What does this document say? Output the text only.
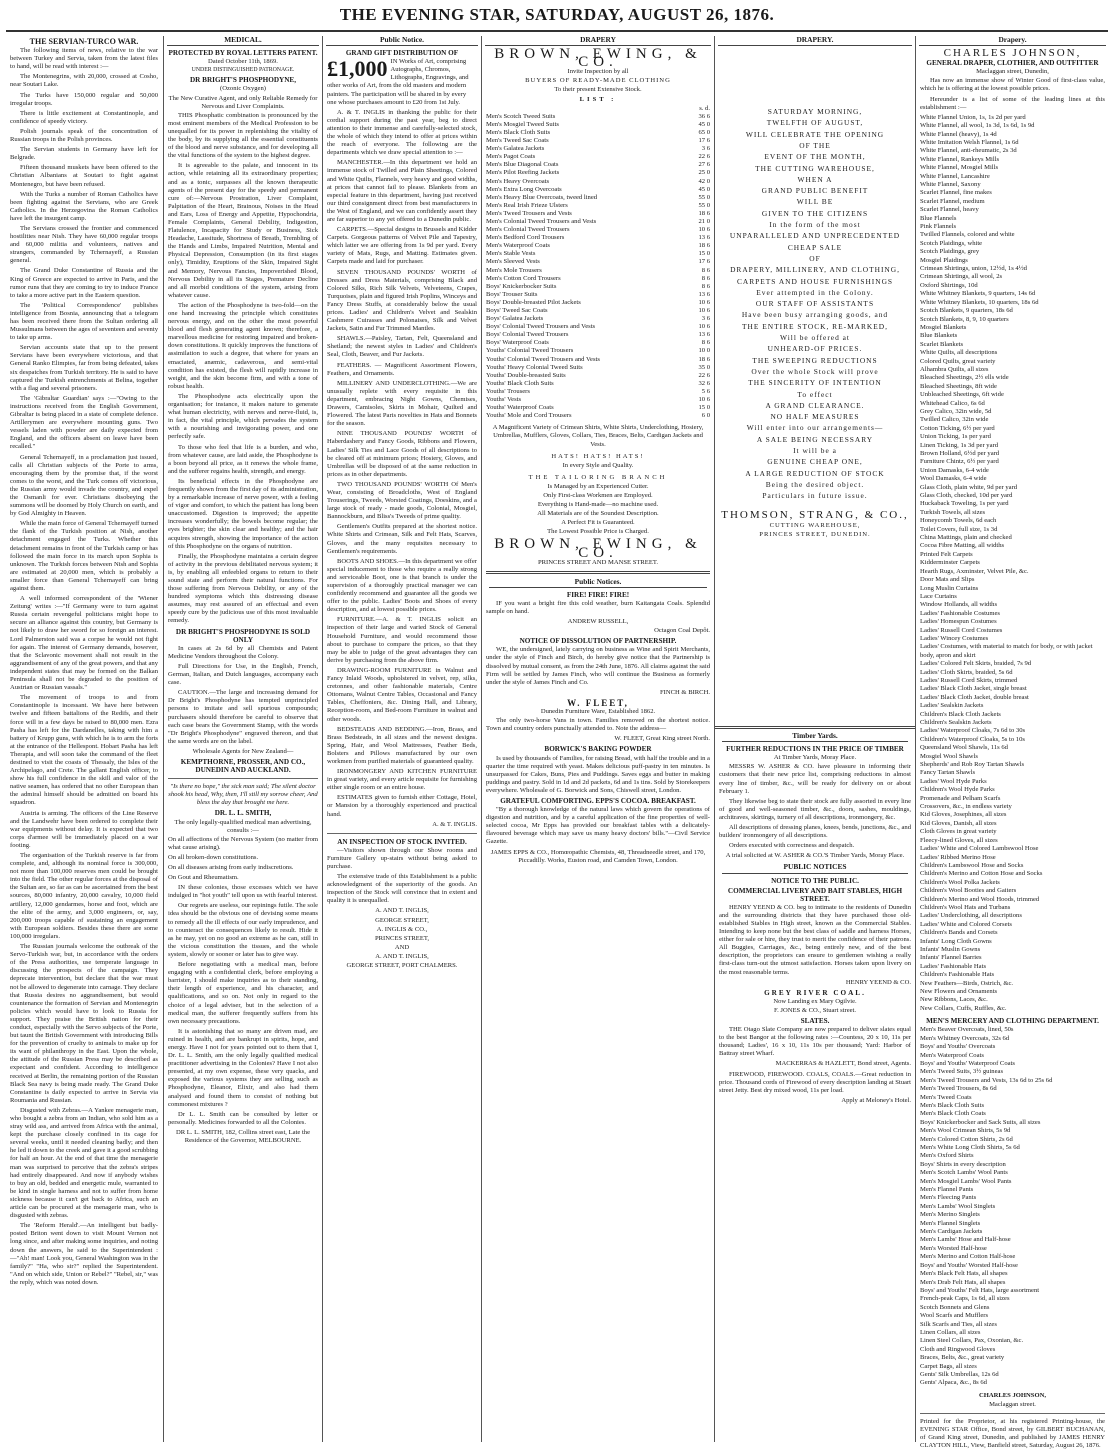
THE EVENING STAR, SATURDAY, AUGUST 26, 1876.
THE SERVIAN-TURCO WAR.
The following items of news, relative to the war between Turkey and Servia, taken from the latest files to hand, will be read with interest :—
The Montenegrins, with 20,000, crossed at Cosho, near Soutari Lake.
The Turks have 150,000 regular and 50,000 irregular troops.
There is little excitement at Constantinople, and confidence of speedy victory.
Polish journals speak of the concentration of Russian troops in the Polish provinces.
The Servian students in Germany have left for Belgrade.
Fifteen thousand muskets have been offered to the Christian Albanians at Soutari to fight against Montenegro, but have been refused.
With the Turks a number of Roman Catholics have been fighting against the Servians, who are Greek Catholics. In the Herzegovina the Roman Catholics have left the insurgent camp.
The Servians crossed the frontier and commenced hostilities near Nish. They have 60,000 regular troops and 60,000 militia and volunteers, natives and strangers, commanded by Tchernayeff, a Russian general.
The Grand Duke Constantine of Russia and the King of Greece are expected to arrive in Paris, and the rumor runs that they are coming to try to induce France to take a more active part in the Eastern question.
The 'Political Correspondence' publishes intelligence from Bosnia, announcing that a telegram has been received there from the Sultan ordering all Mussulmans between the ages of seventeen and seventy to take up arms.
Servian accounts state that up to the present Servians have been everywhere victorious, and that General Ranko Elimpies, far from being defeated, takes six despatches from Turkish territory. He is said to have captured the Turkish entrenchments at Belina, together with a flag and several prisoners.
The 'Gibraltar Guardian' says :—"Owing to the instructions received from the English Government, Gibraltar is being placed in a state of complete defence. Artillerymen are everywhere mounting guns. Two vessels laden with powder are daily expected from England, and the officers absent on leave have been recalled."
General Tchernayeff, in a proclamation just issued, calls all Christian subjects of the Porte to arms, encouraging them by the promise that, if the worst comes to the worst, and the Turk comes off victorious, the Russian army would invade the country, and expel the Osmanli for ever. Christians disobeying the summons will be doomed by Holy Church on earth, and by God Almighty in Heaven.
While the main force of General Tchernayeff turned the flank of the Turkish position at Nish, another detachment engaged the Turks. Whether this detachment remains in front of the Turkish camp or has followed the main force in its march upon Sophia is unknown. The Turkish forces between Nish and Sophia are estimated at 20,000 men, which is probably a smaller force than General Tchernayeff can bring against them.
A well informed correspondent of the 'Wiener Zeitung' writes :—"If Germany were to turn against Russia certain revengeful politicians might hope to secure an alliance against this country, but Germany is not likely to draw her sword for so foreign an interest. Lord Palmerston said was a corpse he would not fight for again. The interest of Germany demands, however, that the Sclavonic movement shall not result in the aggrandisement of any of the great powers, and that any independent states that may be formed on the Balkan Peninsula shall not be degraded to the position of Austrian or Russian vassals."
The movement of troops to and from Constantinople is incessant. We have here between twelve and fifteen battalions of the Redifs, and their force will in a few days be raised to 80,000 men. Ezra Pasha has left for the Dardanelles, taking with him a battery of Krupp guns, with which he is to arm the forts at the entrance of the Hellespont. Hobart Pasha has left Therapia, and will soon take the command of the fleet destined to visit the coasts of Thessaly, the Isles of the Archipelago, and Crete. The gallant English officer, to show his full confidence in the skill and valor of the native seamen, has ordered that no other European than the admiral himself should be admitted on board his squadron.
Austria is arming. The officers of the Line Reserve and the Landwehr have been ordered to complete their war equipments without delay. It is expected that two corps d'armee will be immediately placed on a war footing.
The organisation of the Turkish reserve is far from complete, and, although its nominal force is 300,000, not more than 100,000 reserves men could be brought into the field. The other regular forces at the disposal of the Sultan are, so far as can be ascertained from the best sources, 80,000 infantry, 20,000 cavalry, 10,000 field artillery, 12,000 gendarmes, horse and foot, which are the elite of the army, and 3,000 engineers, or, say, 200,000 troops capable of sustaining an engagement with European soldiers. Besides these there are some 100,000 irregulars.
The Russian journals welcome the outbreak of the Servo-Turkish war, but, in accordance with the orders of the Press authorities, use temperate language in discussing the prospects of the campaign. They deprecate intervention, but declare that the war must not be allowed to degenerate into carnage. They declare that Russia desires no aggrandisement, but would countenance the formation of Servian and Montenegrin policies which would have to look to Russia for support. They praise the British nation for their conduct, especially with the Servo subjects of the Porte, but taunt the British Government with introducing Bills for the prevention of cruelty to animals to make up for its want of philanthropy in the East. Upon the whole, the attitude of the Russian Press may be described as expectant and confident. According to intelligence received at Berlin, the remaining portion of the Russian Black Sea navy is being made ready. The Grand Duke Constantine is daily expected to arrive in Servia via Roumania and Russian.
Disgusted with Zebras.—A Yankee menagerie man, who bought a zebra from an Indian, who sold him as a stray wild ass, and arrived from Africa with the animal, kept the purchase closely confined in its cage for several weeks, until it needed cleaning badly; and then he led it down to the creek and gave it a good scrubbing for half an hour. At the end of that time the menagerie man was surprised to perceive that the zebra's stripes had entirely disappeared. And now if anybody wishes to buy an old, bedded and energetic mule, warranted to be kind in single harness and not to suffer from home sickness because it can't get back to Africa, such an article can be procured at the menagerie man, who is disgusted with zebras.
The 'Reform Herald'.—An intelligent but badly-posted Briton went down to visit Mount Vernon not long since, and after making some inquiries, and noting down the answers, he said to the Superintendent :—"Ah! man! Look you, General Washington was in the family?" "Ha, who sir?" replied the Superintendent. "And on which side, Union or Rebel?" "Rebel, sir," was the reply, which was noted down.
MEDICAL.
PROTECTED BY ROYAL LETTERS PATENT.
Dated October 11th, 1869.
UNDER DISTINGUISHED PATRONAGE.
DR BRIGHT'S PHOSPHODYNE,
(Ozonic Oxygen)
The New Curative Agent, and only Reliable Remedy for Nervous and Liver Complaints.
THIS Phosphatic combination is pronounced by the most eminent members of the Medical Profession to be unequalled for its power in replenishing the vitality of the body, by its supplying all the essential constituents of the blood and nerve substance, and for developing all the vital functions of the system to the highest degree.
It is agreeable to the palate, and innocent in its action, while retaining all its extraordinary properties; and as a tonic, surpasses all the known therapeutic agents of the present day for the speedy and permanent cure of:—Nervous Prostration, Liver Complaint, Palpitation of the Heart, Brainous, Noises in the Head and Ears, Loss of Energy and Appetite, Hypochondria, Female Complaints, General Debility, Indigestion, Flatulence, Incapacity for Study or Business, Sick Headache, Lassitude, Shortness of Breath, Trembling of the Hands and Limbs, Impaired Nutrition, Mental and Physical Depression, Consumption (in its first stages only), Timidity, Eruptions of the Skin, Impaired Sight and Memory, Nervous Fancies, Impoverished Blood, Nervous Debility in all its Stages, Premature Decline and all morbid conditions of the system, arising from whatever cause.
The action of the Phosphodyne is two-fold—on the one hand increasing the principle which constitutes nervous energy, and on the other the most powerful blood and flesh generating agent known; therefore, a marvellous medicine for restoring impaired and broken-down constitutions. It quickly improves the functions of assimilation to such a degree, that where for years an emaciated, anæmic, cadaverous, and semi-vital condition has existed, the flesh will rapidly increase in weight, and the skin become firm, and with a tone of robust health.
The Phosphodyne acts electrically upon the organisation; for instance, it makes nature to generate what human electricity, with nerves and nerve-fluid, is, in fact, the vital principle, which pervades the system with a nourishing and invigorating power, and one perfectly safe.
To those who feel that life is a burden, and who, from whatever cause, are laid aside, the Phosphodyne is a boon beyond all price, as it renews the whole frame, and the sufferer regains health, strength, and energy.
Its beneficial effects in the Phosphodyne are frequently shown from the first day of its administration, by a remarkable increase of nerve power, with a feeling of vigor and comfort, to which the patient has long been unaccustomed. Digestion is improved; the appetite increases wonderfully; the bowels become regular; the eyes brighter; the skin clear and healthy; and the hair acquires strength, showing the importance of the action of this Phosphodyne on the organs of nutrition.
Finally, the Phosphodyne maintains a certain degree of activity in the previous debilitated nervous system; it is, by enabling all enfeebled organs to return to their sound state and perform their natural functions. For those suffering from Nervous Debility, or any of the hundred symptoms which this distressing disease assumes, may rest assured of an effectual and even speedy cure by the judicious use of this most invaluable remedy.
DR BRIGHT'S PHOSPHODYNE IS SOLD ONLY
In cases at 2s 6d by all Chemists and Patent Medicine Vendors throughout the Colony.
Full Directions for Use, in the English, French, German, Italian, and Dutch languages, accompany each case.
CAUTION.—The large and increasing demand for Dr Bright's Phosphodyne has tempted unprincipled persons to imitate and sell spurious compounds; purchasers should therefore be careful to observe that each case bears the Government Stamp, with the words "Dr Bright's Phosphodyne" engraved thereon, and that the same words are on the label.
Wholesale Agents for New Zealand—
KEMPTHORNE, PROSSER, AND CO., DUNEDIN AND AUCKLAND.
"Is there no hope," the sick man said; The silent doctor shook his head, Why, then, I'll still my sorrow cheer, And bless the day that brought me here.
DR. L. L. SMITH,
The only legally-qualified medical man advertising, consults :—
On all affections of the Nervous System (no matter from what cause arising).
On all broken-down constitutions.
On all diseases arising from early indiscretions.
On Gout and Rheumatism.
IN these colonies, those excesses which we have indulged in "hot youth" tell upon us with fearful interest.
Our regrets are useless, our repinings futile. The sole idea should be the obvious one of devising some means to remedy all the ill effects of our early imprudence, and to counteract the consequences likely to result. Hide it as he may, yet on no good an extreme as he can, still in the vicious constitution the tissues, and the whole system, slowly or sooner or later has to give way.
Before negotiating with a medical man, before engaging with a confidential clerk, before employing a barrister, I should make inquiries as to their standing, their length of experience, and his character, and qualifications, and so on. Not only in regard to the choice of a legal adviser, but in the selection of a medical man, the sufferer frequently suffers from his own necessary precautions.
It is astonishing that so many are driven mad, are ruined in health, and are bankrupt in spirits, hope, and energy. Have I not for years pointed out to them that I, Dr. L. L. Smith, am the only legally qualified medical practitioner advertising in the Colonies? Have I not also presented, at my own expense, these very quacks, and exposed the various systems they are selling, such as Phosphodyne, Eleanor, Elixir, and also had them analysed and found them to consist of nothing but commonest mixtures ?
Dr L. L. Smith can be consulted by letter or personally. Medicines forwarded to all the Colonies.
DR L. L. SMITH, 182, Collins street east, Late the Residence of the Governor, MELBOURNE.
Public Notice.
GRAND GIFT DISTRIBUTION OF
£1,000 IN Works of Art, comprising Autographs, Chromos, Lithographs, Engravings, and other works of Art, from the old masters and modern painters. The participation will be shared in by every one whose purchases amount to £20 from 1st July.
A. & T. INGLIS in thanking the public for their cordial support during the past year, beg to direct attention to their immense and carefully-selected stock, the whole of which they intend to offer at prices within the reach of everyone. The following are the departments which we draw special attention to :—
MANCHESTER.—In this department we hold an immense stock of Twilled and Plain Sheetings, Colored and White Quilts, Flannels, very heavy and good widths, at prices that cannot fail to please. Blankets from an especial feature in this department, having just received our third consignment direct from best manufacturers in the West of England, and we can confidently assert they are far superior to any yet offered to a Dunedin public.
CARPETS.—Special designs in Brussels and Kidder Carpets. Gorgeous patterns of Velvet Pile and Tapestry, which latter we are offering from 1s 9d per yard. Every variety of Mats, Rugs, and Matting. Estimates given. Carpets made and laid for purchaser.
SEVEN THOUSAND POUNDS' WORTH of Dresses and Dress Materials, comprising Black and Colored Silks, Rich Silk Velvets, Velveteens, Crapes, Turquoises, plain and figured Irish Poplins, Winceys and Fancy Dress Stuffs, at considerably below the usual prices. Ladies' and Children's Velvet and Sealskin Cashmere Cuirasses and Polonaises, Silk and Velvet Jackets, Satin and Fur Trimmed Mantles.
SHAWLS.—Paisley, Tartan, Felt, Queensland and Shetland; the newest styles in Ladies' and Children's Seal, Cloth, Beaver, and Fur Jackets.
FEATHERS. — Magnificent Assortment Flowers, Feathers, and Ornaments.
MILLINERY AND UNDERCLOTHING.—We are unusually replete with every requisite in this department, embracing Night Gowns, Chemises, Drawers, Camisoles, Skirts in Mohair, Quilted and Flowered. The latest Paris novelties in Hats and Bonnets for the season.
NINE THOUSAND POUNDS' WORTH of Haberdashery and Fancy Goods, Ribbons and Flowers, Ladies' Silk Ties and Lace Goods of all descriptions to be cleared off at minimum prices; Hosiery, Gloves, and Umbrellas will be disposed of at the same reduction in prices as in other departments.
TWO THOUSAND POUNDS' WORTH Of Men's Wear, consisting of Broadcloths, West of England Trouserings, Tweeds, Worsted Coatings, Doeskins, and a large stock of ready - made goods, Colonial, Mosgiel, Bannockburn, and Bliss's Tweeds of prime quality.
Gentlemen's Outfits prepared at the shortest notice. White Shirts and Crimean, Silk and Felt Hats, Scarves, Gloves, and the many requisites necessary to Gentlemen's requirements.
BOOTS AND SHOES.—In this department we offer special inducement to those who require a really strong and serviceable Boot, one is that branch is under the supervision of a thoroughly practical manager we can confidently recommend and guarantee all the goods we offer to the public. Ladies' Boots and Shoes of every description, and at lowest possible prices.
FURNITURE.—A. & T. INGLIS solicit an inspection of their large and varied Stock of General Household Furniture, and would recommend those about to purchase to compare the prices, so that they may be able to judge of the great advantages they can derive by purchasing from the above firm.
DRAWING-ROOM FURNITURE in Walnut and Fancy Inlaid Woods, upholstered in velvet, rep, silks, cretonnes, and other fashionable materials, Centre Ottomans, Walnut Centre Tables, Occasional and Fancy Tables, Cheffoniers, &c. Dining Hall, and Library, Reception-room, and Bed-room Furniture in walnut and other woods.
BEDSTEADS AND BEDDING.—Iron, Brass, and Brass Bedsteads, in all sizes and the newest designs. Spring, Hair, and Wool Mattresses, Feather Beds, Bolsters and Pillows manufactured by our own workmen from purified materials of guaranteed quality.
IRONMONGERY AND KITCHEN FURNITURE in great variety, and every article requisite for furnishing either single room or an entire house.
ESTIMATES given to furnish either Cottage, Hotel, or Mansion by a thoroughly experienced and practical hand.
A. & T. INGLIS.
AN INSPECTION OF STOCK INVITED.
—Visitors shown through our Show rooms and Furniture Gallery up-stairs without being asked to purchase.
The extensive trade of this Establishment is a public acknowledgment of the superiority of the goods. An inspection of the Stock will convince that in extent and quality it is unequalled.
A. AND T. INGLIS,
GEORGE STREET,
A. INGLIS & CO.,
PRINCES STREET,
AND
A. AND T. INGLIS,
GEORGE STREET, PORT CHALMERS.
DRAPERY
BROWN, EWING, & CO.
Invite Inspection by all
BUYERS OF READY-MADE CLOTHING
To their present Extensive Stock.
LIST :
s. d.
Men's Scotch Tweed Suits	36 6
Men's Mosgiel Tweed Suits	45 0
Men's Black Cloth Suits	65 0
Men's Tweed Sac Coats	17 6
Men's Galatea Jackets	3 6
Men's Pagot Coats	22 6
Men's Blue Diagonal Coats	27 6
Men's Pilot Reefing Jackets	25 0
Men's Heavy Overcoats	42 0
Men's Extra Long Overcoats	45 0
Men's Heavy Blue Overcoats, tweed lined	55 0
Men's Real Irish Frieze Ulsters	55 0
Men's Tweed Trousers and Vests	18 6
Men's Colonial Tweed Trousers and Vests	21 0
Men's Colonial Tweed Trousers	10 6
Men's Bedford Cord Trousers	13 6
Men's Waterproof Coats	18 6
Men's Stable Vests	15 0
Men's Sleeved Vests	17 6
Men's Mole Trousers	8 6
Men's Cotton Cord Trousers	8 6
Boys' Knickerbocker Suits	8 6
Boys' Trouser Suits	13 6
Boys' Double-breasted Pilot Jackets	10 6
Boys' Tweed Sac Coats	10 6
Boys' Galatea Jackets	3 6
Boys' Colonial Tweed Trousers and Vests	10 6
Boys' Colonial Tweed Trousers	13 6
Boys' Waterproof Coats	8 6
Youths' Colonial Tweed Trousers	10 0
Youths' Colonial Tweed Trousers and Vests	18 6
Youths' Heavy Colonial Tweed Suits	35 0
Youths' Double-breasted Suits	22 6
Youths' Black Cloth Suits	32 6
Youths' Trousers	5 6
Youths' Vests	10 6
Youths' Waterproof Coats	15 0
Youths' Mole and Cord Trousers	6 0
A Magnificent Variety of Crimean Shirts, White Shirts, Underclothing, Hosiery, Umbrellas, Mufflers, Gloves, Collars, Ties, Braces, Belts, Cardigan Jackets and Vests.
HATS! HATS! HATS!
In every Style and Quality.
THE TAILORING BRANCH
Is Managed by an Experienced Cutter.
Only First-class Workmen are Employed.
Everything is Hand-made—no machine used.
All Materials are of the Soundest Description.
A Perfect Fit is Guaranteed.
The Lowest Possible Price is Charged.
BROWN, EWING, & CO.
PRINCES STREET AND MANSE STREET.
Public Notices.
FIRE! FIRE! FIRE!
IF you want a bright fire this cold weather, burn Kaitangata Coals. Splendid sample on hand.
ANDREW RUSSELL,
Octagon Coal Depôt.
NOTICE OF DISSOLUTION OF PARTNERSHIP.
WE, the undersigned, lately carrying on business as Wine and Spirit Merchants, under the style of Finch and Birch, do hereby give notice that the Partnership is dissolved by mutual consent, as from the 24th June, 1876. All claims against the said Firm will be settled by James Finch, who will continue the Business as formerly under the style of James Finch and Co.
FINCH & BIRCH.
W. FLEET,
Dunedin Furniture Ware, Established 1862.
The only two-horse Vans in town. Families removed on the shortest notice. Town and country orders punctually attended to. Note the address—
W. FLEET, Great King street North.
BORWICK'S BAKING POWDER
Is used by thousands of Families, for raising Bread, with half the trouble and in a quarter the time required with yeast. Makes delicious puff-pastry in ten minutes. Is unsurpassed for Cakes, Buns, Pies and Puddings. Saves eggs and butter in making puddings and pastry. Sold in 1d and 2d packets, 6d and 1s tins. Sold by Storekeepers everywhere. Wholesale of G. Borwick and Sons, Chiswell street, London.
GRATEFUL COMFORTING. EPPS'S COCOA. BREAKFAST.
"By a thorough knowledge of the natural laws which govern the operations of digestion and nutrition, and by a careful application of the fine properties of well-selected cocoa, Mr Epps has provided our breakfast tables with a delicately-flavoured beverage which may save us many heavy doctors' bills."—Civil Service Gazette.
JAMES EPPS & CO., Homœopathic Chemists, 48, Threadneedle street, and 170, Piccadilly. Works, Euston road, and Camden Town, London.
DRAPERY.
SATURDAY MORNING,
TWELFTH OF AUGUST,
WILL CELEBRATE THE OPENING
OF THE
EVENT OF THE MONTH,
THE CUTTING WAREHOUSE,
WHEN A
GRAND PUBLIC BENEFIT
WILL BE
GIVEN TO THE CITIZENS
In the form of the most
UNPARALLELED AND UNPRECEDENTED
CHEAP SALE
OF
DRAPERY, MILLINERY, AND CLOTHING,
CARPETS AND HOUSE FURNISHINGS
Ever attempted in the Colony.
OUR STAFF OF ASSISTANTS
Have been busy arranging goods, and
THE ENTIRE STOCK, RE-MARKED,
Will be offered at
UNHEARD-OF PRICES.
THE SWEEPING REDUCTIONS
Over the whole Stock will prove
THE SINCERITY OF INTENTION
To effect
A GRAND CLEARANCE.
NO HALF MEASURES
Will enter into our arrangements—
A SALE BEING NECESSARY
It will be a
GENUINE CHEAP ONE,
A LARGE REDUCTION OF STOCK
Being the desired object.
Particulars in future issue.
THOMSON, STRANG, & CO.,
CUTTING WAREHOUSE,
PRINCES STREET, DUNEDIN.
Timber Yards.
FURTHER REDUCTIONS IN THE PRICE OF TIMBER
At Timber Yards, Moray Place.
MESSRS W. ASHER & CO. have pleasure in informing their customers that their new price list, comprising reductions in almost every line of timber, &c., will be ready for delivery on or about February 1.
They likewise beg to state their stock are fully assorted in every line of good and well-seasoned timber, &c., doors, sashes, mouldings, architraves, skirtings, turnery of all descriptions, ironmongery, &c.
All descriptions of dressing planes, knees, bends, junctions, &c., and builders' ironmongery of all descriptions.
Orders executed with correctness and despatch.
A trial solicited at W. ASHER & CO.'S Timber Yards, Moray Place.
PUBLIC NOTICES
NOTICE TO THE PUBLIC.
COMMERCIAL LIVERY AND BAIT STABLES, HIGH STREET.
HENRY YEEND & CO. beg to intimate to the residents of Dunedin and the surrounding districts that they have purchased those old-established Stables in High street, known as the Commercial Stables. Intending to keep none but the best class of saddle and harness Horses, either for sale or hire, they trust to merit the confidence of their patrons. All Buggies, Carriages, &c., being entirely new, and of the best description, the proprietors can ensure to gentlemen wishing a really first-class turn-out the utmost satisfaction. Horses taken upon livery on the most reasonable terms.
HENRY YEEND & CO.
GREY RIVER COAL.
Now Landing ex Mary Ogilvie.
F. JONES & CO., Stuart street.
SLATES.
THE Otago Slate Company are now prepared to deliver slates equal to the best Bangor at the following rates :—Countess, 20 x 10, 11s per thousand; Ladies', 16 x 10, 11s 10s per thousand; Yard: Harbor of Battray street Wharf.
MACKERRAS & HAZLETT, Bond street, Agents.
FIREWOOD, FIREWOOD. COALS, COALS.—Great reduction in price. Thousand cords of Firewood of every description landing at Stuart street Jetty. Best dry mixed wood, 11s per load.
Apply at Meloney's Hotel.
Drapery.
CHARLES JOHNSON,
GENERAL DRAPER, CLOTHIER, AND OUTFITTER
Maclaggan street, Dunedin,
Has now an immense show of Winter Good of first-class value, which he is offering at the lowest possible prices.
Hereunder is a list of some of the leading lines at this establishment :—
White Flannel Union, 1s, 1s 2d per yard
White Flannel, all wool, 1s 3d, 1s 6d, 1s 9d
White Flannel (heavy), 1s 4d
White Imitation Welsh Flannel, 1s 6d
White Flannel, anti-rheumatic, 2s 3d
White Flannel, Rankeys Mills
White Flannel, Mosgiel Mills
White Flannel, Lancashire
White Flannel, Saxony
Scarlet Flannel, fine makes
Scarlet Flannel, medium
Scarlet Flannel, heavy
Blue Flannels
Pink Flannels
Twilled Flannels, colored and white
Scotch Plaidings, white
Scotch Plaidings, grey
Mosgiel Plaidings
Crimean Shirtings, union, 12½d, 1s 4½d
Crimean Shirtings, all wool, 2s
Oxford Shirtings, 10d
White Whitney Blankets, 9 quarters, 14s 6d
White Whitney Blankets, 10 quarters, 18s 6d
Scotch Blankets, 9 quarters, 18s 6d
Scotch Blankets, 8, 9, 10 quarters
Mosgiel Blankets
Blue Blankets
Scarlet Blankets
White Quilts, all descriptions
Colored Quilts, great variety
Alhambra Quilts, all sizes
Bleached Sheetings, 2½ ells wide
Bleached Sheetings, 8ft wide
Unbleached Sheetings, 6ft wide
Whitehead Calico, 6s 6d
Grey Calico, 32in wide, 5d
Twilled Calico, 32in wide
Cotton Ticking, 6½ per yard
Union Ticking, 1s per yard
Linen Ticking, 1s 3d per yard
Brown Holland, 6½d per yard
Furniture Chintz, 6½ per yard
Union Damasks, 6-4 wide
Wool Damasks, 6-4 wide
Glass Cloth, plain white, 9d per yard
Glass Cloth, checked, 10d per yard
Huckaback Toweling, 1s per yard
Turkish Towels, all sizes
Honeycomb Towels, 6d each
Toilet Covers, full size, 1s 3d
China Mattings, plain and checked
Cocoa Fibre Matting, all widths
Printed Felt Carpets
Kidderminster Carpets
Hearth Rugs, Axminster, Velvet Pile, &c.
Door Mats and Slips
Long Muslin Curtains
Lace Curtains
Window Hollands, all widths
Ladies' Fashionable Costumes
Ladies' Homespun Costumes
Ladies' Russell Cord Costumes
Ladies' Wincey Costumes
Ladies' Costumes, with material to match for body, or with jacket body, apron and skirt
Ladies' Colored Felt Skirts, braided, 7s 9d
Ladies' Cloth Skirts, braided, 5s 6d
Ladies' Russell Cord Skirts, trimmed
Ladies' Black Cloth Jacket, single breast
Ladies' Black Cloth Jacket, double breast
Ladies' Sealskin Jackets
Children's Black Cloth Jackets
Children's Sealskin Jackets
Ladies' Waterproof Cloaks, 7s 6d to 30s
Children's Waterproof Cloaks, 5s to 10s
Queensland Wool Shawls, 11s 6d
Mosgiel Wool Shawls
Shepherds' and Rob Roy Tartan Shawls
Fancy Tartan Shawls
Ladies' Wool Hyde Parks
Children's Wool Hyde Parks
Promenade and Pelham Scarfs
Crossovers, &c., in endless variety
Kid Gloves, Josephines, all sizes
Kid Gloves, Danish, all sizes
Cloth Gloves in great variety
Fleecy-lined Gloves, all sizes
Ladies' White and Colored Lambswool Hose
Ladies' Ribbed Merino Hose
Children's Lambswool Hose and Socks
Children's Merino and Cotton Hose and Socks
Children's Wool Polka Jackets
Children's Wool Booties and Gaiters
Children's Merino and Wool Hoods, trimmed
Children's Wool Hats and Turbans
Ladies' Underclothing, all descriptions
Ladies' White and Colored Corsets
Children's Bands and Corsets
Infants' Long Cloth Gowns
Infants' Muslin Gowns
Infants' Flannel Barries
Ladies' Fashionable Hats
Children's Fashionable Hats
New Feathers—Birds, Ostrich, &c.
New Flowers and Ornaments
New Ribbons, Laces, &c.
New Collars, Cuffs, Ruffles, &c.
MEN'S MERCERY AND CLOTHING DEPARTMENT.
Men's Beaver Overcoats, lined, 50s
Men's Whitney Overcoats, 32s 6d
Boys' and Youths' Overcoats
Men's Waterproof Coats
Boys' and Youths' Waterproof Coats
Men's Tweed Suits, 3½ guineas
Men's Tweed Trousers and Vests, 13s 6d to 25s 6d
Men's Tweed Trousers, 8s 6d
Men's Tweed Coats
Men's Black Cloth Suits
Men's Black Cloth Coats
Boys' Knickerbocker and Sack Suits, all sizes
Men's Wool Crimean Shirts, 5s 9d
Men's Colored Cotton Shirts, 2s 6d
Men's White Long Cloth Shirts, 5s 6d
Men's Oxford Shirts
Boys' Shirts in every description
Men's Scotch Lambs' Wool Pants
Men's Mosgiel Lambs' Wool Pants
Men's Flannel Pants
Men's Fleecing Pants
Men's Lambs' Wool Singlets
Men's Merino Singlets
Men's Flannel Singlets
Men's Cardigan Jackets
Men's Lambs' Hose and Half-hose
Men's Worsted Half-hose
Men's Merino and Cotton Half-hose
Boys' and Youths' Worsted Half-hose
Men's Black Felt Hats, all shapes
Men's Drab Felt Hats, all shapes
Boys' and Youths' Felt Hats, large assortment
French-peak Caps, 1s 6d, all sizes
Scotch Bonnets and Glens
Wool Scarfs and Mufflers
Silk Scarfs and Ties, all sizes
Linen Collars, all sizes
Linen Steel Collars, Pax, Oxonian, &c.
Cloth and Ringwood Gloves
Braces, Belts, &c., great variety
Carpet Bags, all sizes
Gents' Silk Umbrellas, 12s 6d
Gents' Alpaca, &c., 8s 6d
CHARLES JOHNSON,
Maclaggan street.
Printed for the Proprietor, at his registered Printing-house, the EVENING STAR Office, Bond street, by GILBERT BUCHANAN, of Grand King street, Dunedin, and published by JAMES HENRY CLAYTON HILL, View, Banfield street, Saturday, August 26, 1876.
